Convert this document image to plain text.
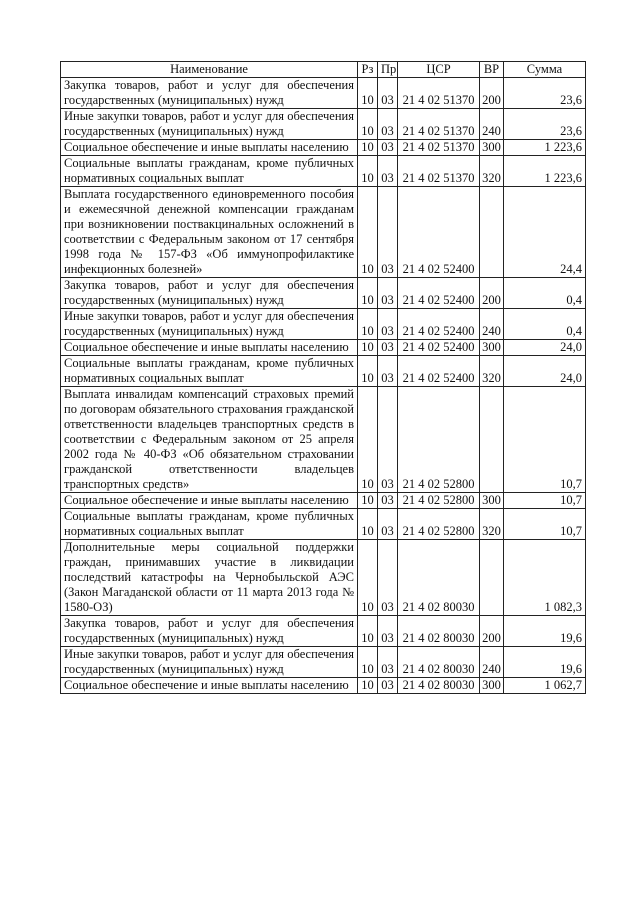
Наименование	Рз	Пр	ЦСР	ВР	Сумма
Закупка товаров, работ и услуг для обеспечения государственных (муниципальных) нужд	10	03	21 4 02 51370	200	23,6
Иные закупки товаров, работ и услуг для обеспечения государственных (муниципальных) нужд	10	03	21 4 02 51370	240	23,6
Социальное обеспечение и иные выплаты населению	10	03	21 4 02 51370	300	1 223,6
Социальные выплаты гражданам, кроме публичных нормативных социальных выплат	10	03	21 4 02 51370	320	1 223,6
Выплата государственного единовременного пособия и ежемесячной денежной компенсации гражданам при возникновении поствакцинальных осложнений в соответствии с Федеральным законом от 17 сентября 1998 года № 157-ФЗ «Об иммунопрофилактике инфекционных болезней»	10	03	21 4 02 52400		24,4
Закупка товаров, работ и услуг для обеспечения государственных (муниципальных) нужд	10	03	21 4 02 52400	200	0,4
Иные закупки товаров, работ и услуг для обеспечения государственных (муниципальных) нужд	10	03	21 4 02 52400	240	0,4
Социальное обеспечение и иные выплаты населению	10	03	21 4 02 52400	300	24,0
Социальные выплаты гражданам, кроме публичных нормативных социальных выплат	10	03	21 4 02 52400	320	24,0
Выплата инвалидам компенсаций страховых премий по договорам обязательного страхования гражданской ответственности владельцев транспортных средств в соответствии с Федеральным законом от 25 апреля 2002 года № 40-ФЗ «Об обязательном страховании гражданской ответственности владельцев транспортных средств»	10	03	21 4 02 52800		10,7
Социальное обеспечение и иные выплаты населению	10	03	21 4 02 52800	300	10,7
Социальные выплаты гражданам, кроме публичных нормативных социальных выплат	10	03	21 4 02 52800	320	10,7
Дополнительные меры социальной поддержки граждан, принимавших участие в ликвидации последствий катастрофы на Чернобыльской АЭС (Закон Магаданской области от 11 марта 2013 года № 1580-ОЗ)	10	03	21 4 02 80030		1 082,3
Закупка товаров, работ и услуг для обеспечения государственных (муниципальных) нужд	10	03	21 4 02 80030	200	19,6
Иные закупки товаров, работ и услуг для обеспечения государственных (муниципальных) нужд	10	03	21 4 02 80030	240	19,6
Социальное обеспечение и иные выплаты населению	10	03	21 4 02 80030	300	1 062,7
